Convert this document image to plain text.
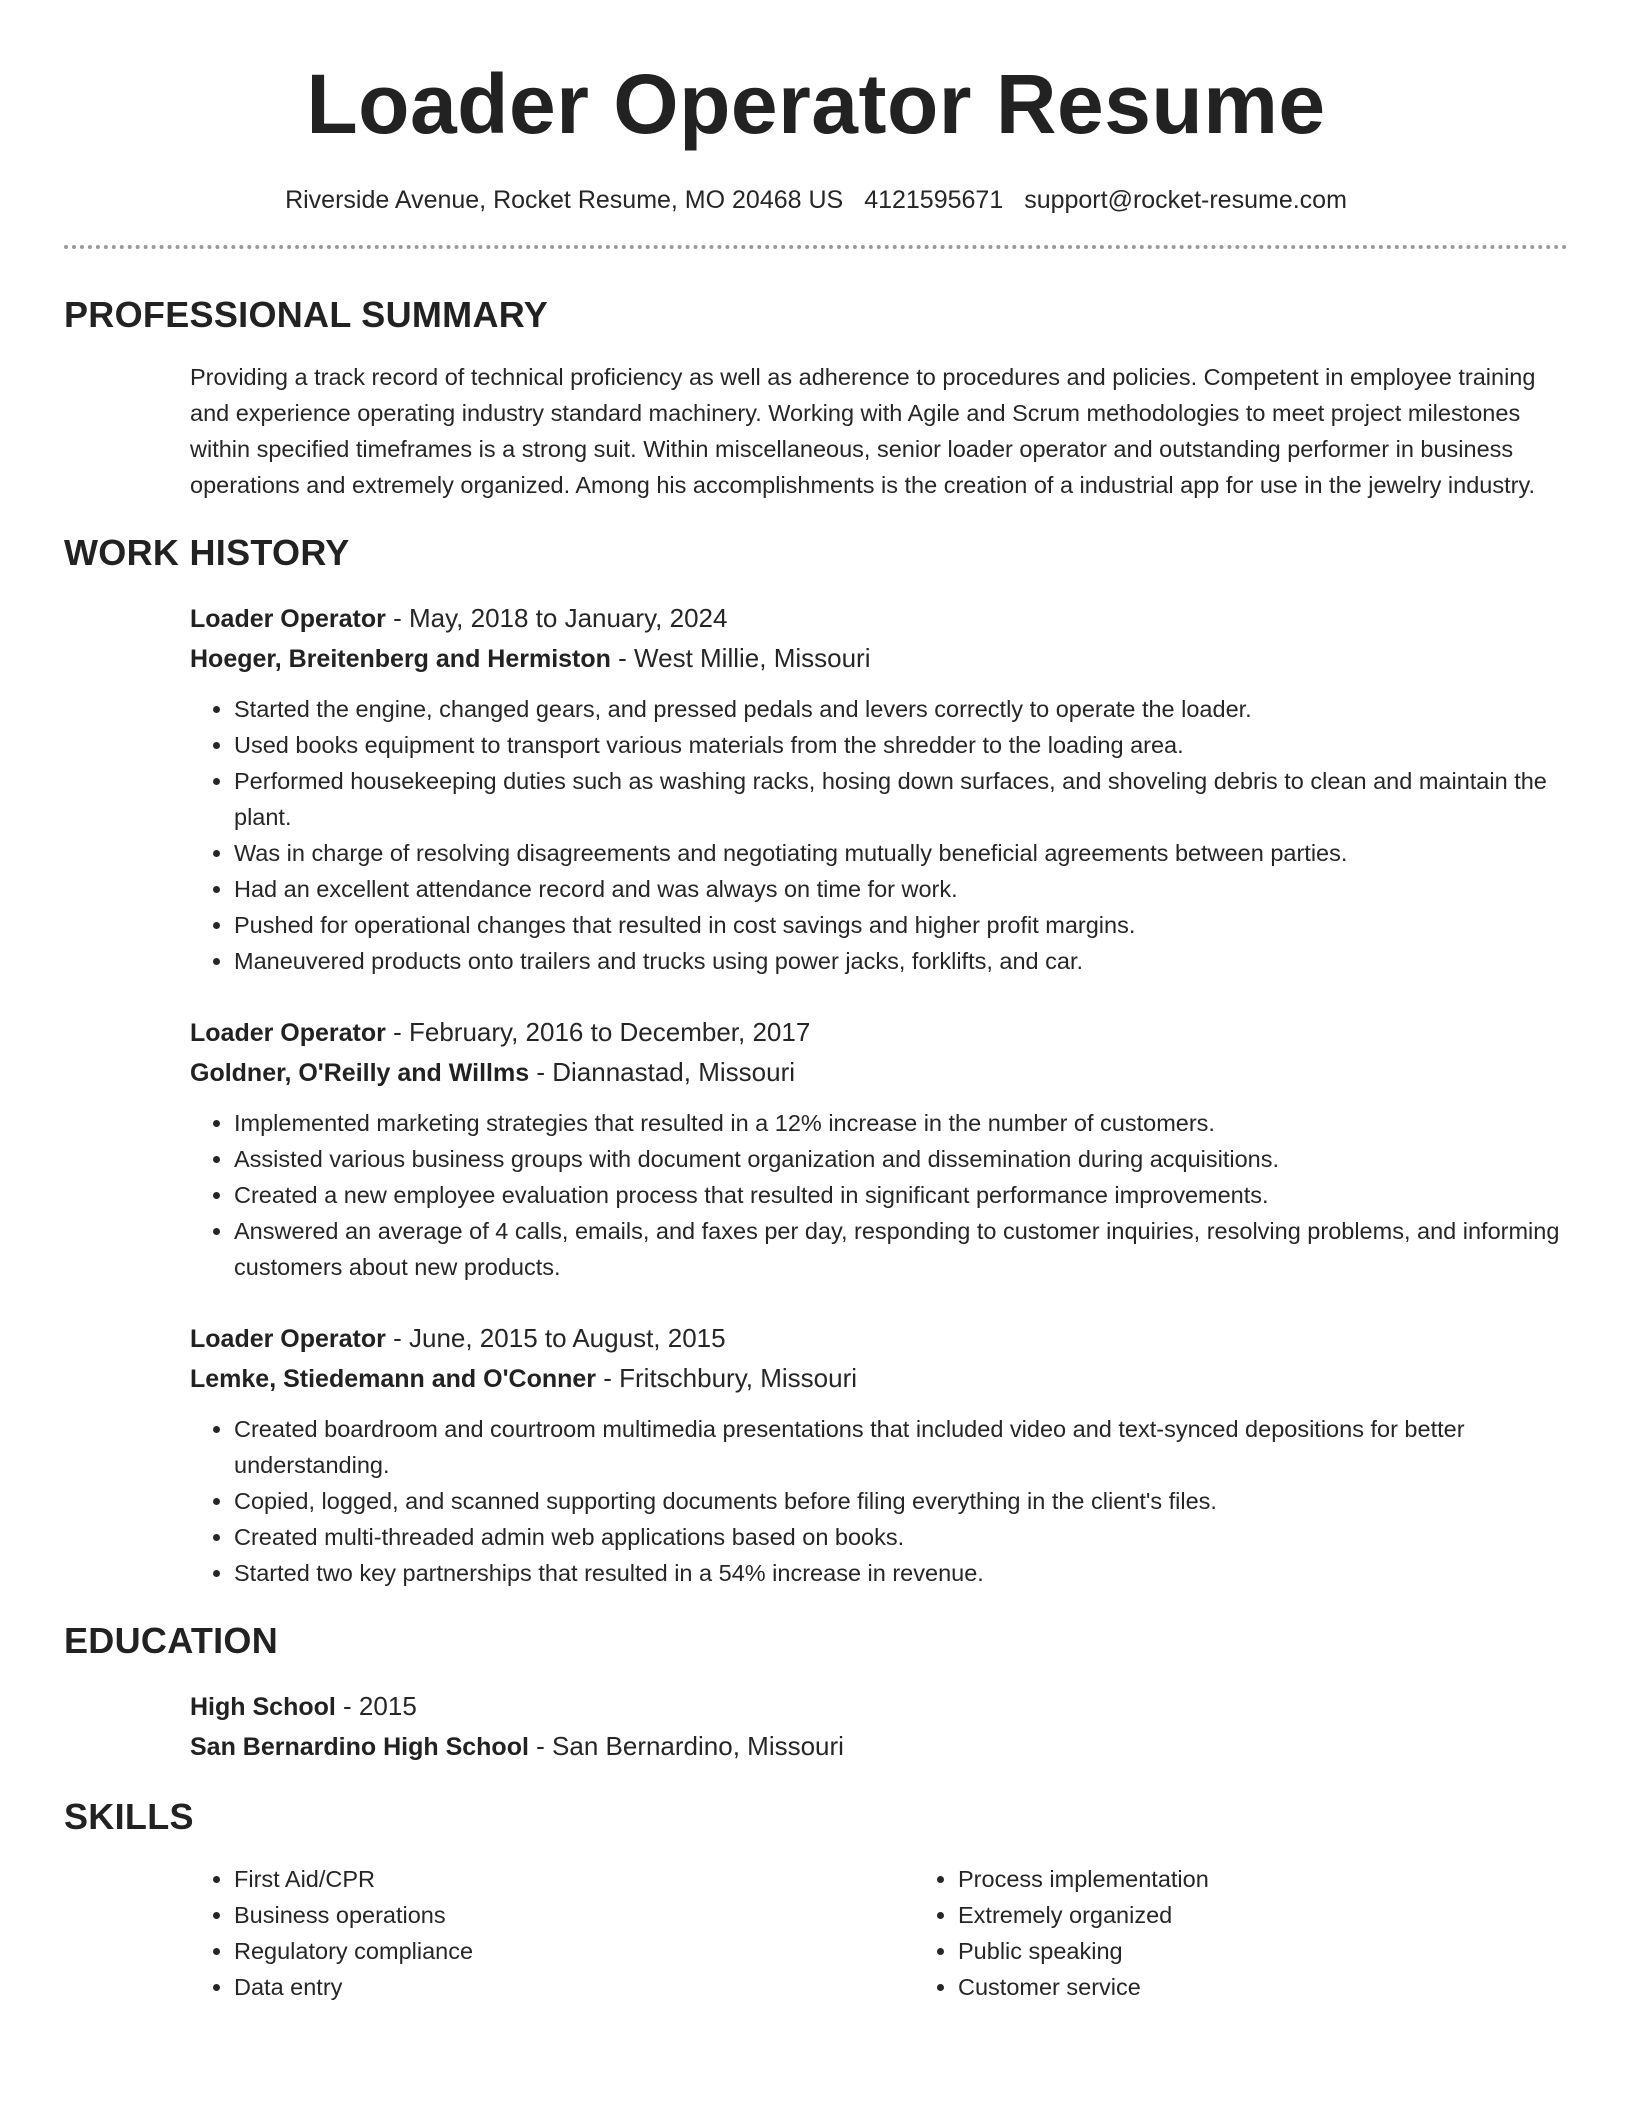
Loader Operator Resume
Riverside Avenue, Rocket Resume, MO 20468 US 4121595671 support@rocket-resume.com
PROFESSIONAL SUMMARY

Providing a track record of technical proficiency as well as adherence to procedures and policies. Competent in employee training and experience operating industry standard machinery. Working with Agile and Scrum methodologies to meet project milestones within specified timeframes is a strong suit. Within miscellaneous, senior loader operator and outstanding performer in business operations and extremely organized. Among his accomplishments is the creation of a industrial app for use in the jewelry industry.

WORK HISTORY
Loader Operator - May, 2018 to January, 2024
Hoeger, Breitenberg and Hermiston - West Millie, Missouri
• Started the engine, changed gears, and pressed pedals and levers correctly to operate the loader.
• Used books equipment to transport various materials from the shredder to the loading area.
• Performed housekeeping duties such as washing racks, hosing down surfaces, and shoveling debris to clean and maintain the plant.
• Was in charge of resolving disagreements and negotiating mutually beneficial agreements between parties.
• Had an excellent attendance record and was always on time for work.
• Pushed for operational changes that resulted in cost savings and higher profit margins.
• Maneuvered products onto trailers and trucks using power jacks, forklifts, and car.
Loader Operator - February, 2016 to December, 2017
Goldner, O'Reilly and Willms - Diannastad, Missouri
• Implemented marketing strategies that resulted in a 12% increase in the number of customers.
• Assisted various business groups with document organization and dissemination during acquisitions.
• Created a new employee evaluation process that resulted in significant performance improvements.
• Answered an average of 4 calls, emails, and faxes per day, responding to customer inquiries, resolving problems, and informing customers about new products.
Loader Operator - June, 2015 to August, 2015
Lemke, Stiedemann and O'Conner - Fritschbury, Missouri
• Created boardroom and courtroom multimedia presentations that included video and text-synced depositions for better understanding.
• Copied, logged, and scanned supporting documents before filing everything in the client's files.
• Created multi-threaded admin web applications based on books.
• Started two key partnerships that resulted in a 54% increase in revenue.
EDUCATION
High School - 2015
San Bernardino High School - San Bernardino, Missouri
SKILLS
• First Aid/CPR
• Business operations
• Regulatory compliance
• Data entry
• Process implementation
• Extremely organized
• Public speaking
• Customer service
